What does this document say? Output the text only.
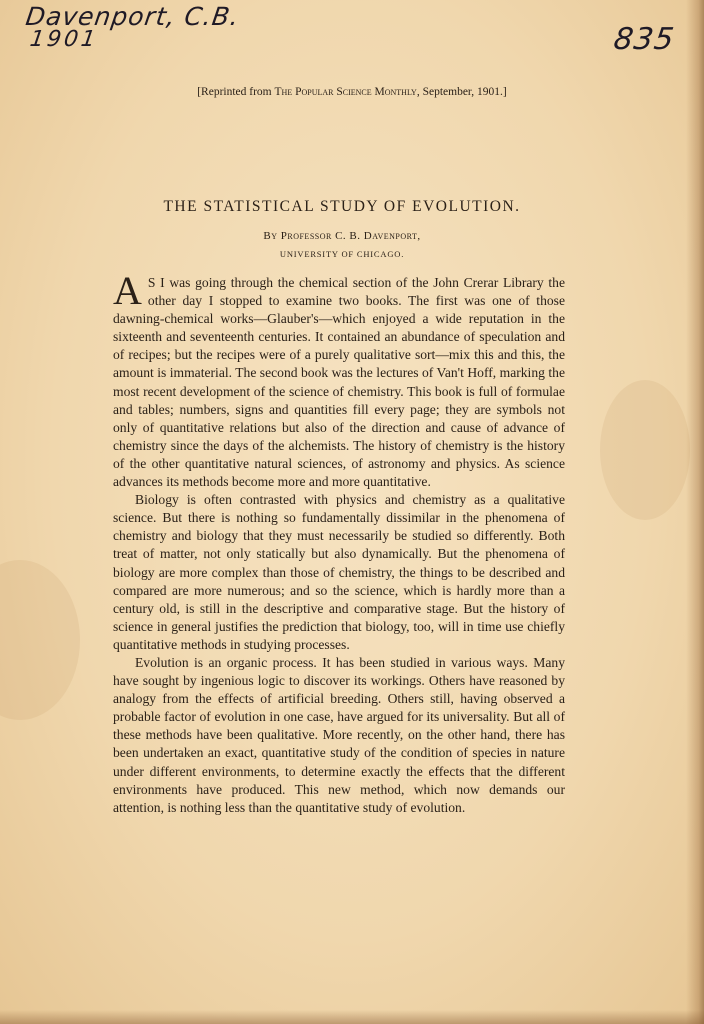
Davenport, C.B.
1901	835
[Reprinted from The Popular Science Monthly, September, 1901.]
THE STATISTICAL STUDY OF EVOLUTION.
By Professor C. B. Davenport,
UNIVERSITY OF CHICAGO.

A S I was going through the chemical section of the John Crerar Library the other day I stopped to examine two books. The first was one of those dawning-chemical works—Glauber's—which enjoyed a wide reputation in the sixteenth and seventeenth centuries. It contained an abundance of speculation and of recipes; but the recipes were of a purely qualitative sort—mix this and this, the amount is immaterial. The second book was the lectures of Van't Hoff, marking the most recent development of the science of chemistry. This book is full of formulae and tables; numbers, signs and quantities fill every page; they are symbols not only of quantitative relations but also of the direction and cause of advance of chemistry since the days of the alchemists. The history of chemistry is the history of the other quantitative natural sciences, of astronomy and physics. As science advances its methods become more and more quantitative.

Biology is often contrasted with physics and chemistry as a qualitative science. But there is nothing so fundamentally dissimilar in the phenomena of chemistry and biology that they must necessarily be studied so differently. Both treat of matter, not only statically but also dynamically. But the phenomena of biology are more complex than those of chemistry, the things to be described and compared are more numerous; and so the science, which is hardly more than a century old, is still in the descriptive and comparative stage. But the history of science in general justifies the prediction that biology, too, will in time use chiefly quantitative methods in studying processes.

Evolution is an organic process. It has been studied in various ways. Many have sought by ingenious logic to discover its workings. Others have reasoned by analogy from the effects of artificial breeding. Others still, having observed a probable factor of evolution in one case, have argued for its universality. But all of these methods have been qualitative. More recently, on the other hand, there has been undertaken an exact, quantitative study of the condition of species in nature under different environments, to determine exactly the effects that the different environments have produced. This new method, which now demands our attention, is nothing less than the quantitative study of evolution.
